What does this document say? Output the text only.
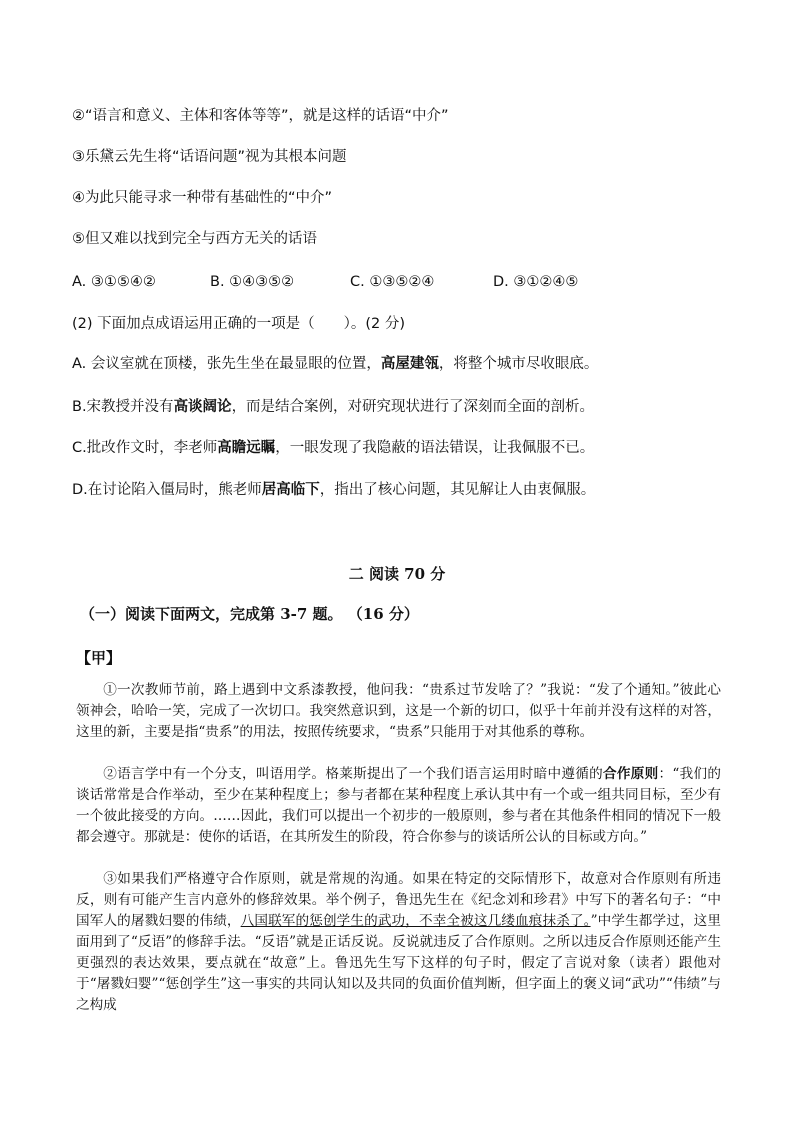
②“语言和意义、主体和客体等等”，就是这样的话语“中介”
③乐黛云先生将“话语问题”视为其根本问题
④为此只能寻求一种带有基础性的“中介”
⑤但又难以找到完全与西方无关的话语
A. ③①⑤④②	B. ①④③⑤②	C. ①③⑤②④	D. ③①②④⑤
(2) 下面加点成语运用正确的一项是（　　）。(2 分)
A. 会议室就在顶楼，张先生坐在最显眼的位置，高屋建瓴，将整个城市尽收眼底。
B.宋教授并没有高谈阔论，而是结合案例，对研究现状进行了深刻而全面的剖析。
C.批改作文时，李老师高瞻远瞩，一眼发现了我隐蔽的语法错误，让我佩服不已。
D.在讨论陷入僵局时，熊老师居高临下，指出了核心问题，其见解让人由衷佩服。
二 阅读 70 分
（一）阅读下面两文，完成第 3-7 题。 （16 分）
【甲】

①一次教师节前，路上遇到中文系漆教授，他问我：“贵系过节发啥了？”我说：“发了个通知。”彼此心领神会，哈哈一笑，完成了一次切口。我突然意识到，这是一个新的切口，似乎十年前并没有这样的对答，这里的新，主要是指“贵系”的用法，按照传统要求，“贵系”只能用于对其他系的尊称。

②语言学中有一个分支，叫语用学。格莱斯提出了一个我们语言运用时暗中遵循的合作原则：“我们的谈话常常是合作举动，至少在某种程度上；参与者都在某种程度上承认其中有一个或一组共同目标，至少有一个彼此接受的方向。……因此，我们可以提出一个初步的一般原则，参与者在其他条件相同的情况下一般都会遵守。那就是：使你的话语，在其所发生的阶段，符合你参与的谈话所公认的目标或方向。”

③如果我们严格遵守合作原则，就是常规的沟通。如果在特定的交际情形下，故意对合作原则有所违反，则有可能产生言内意外的修辞效果。举个例子，鲁迅先生在《纪念刘和珍君》中写下的著名句子：“中国军人的屠戮妇婴的伟绩，八国联军的惩创学生的武功，不幸全被这几缕血痕抹杀了。”中学生都学过，这里面用到了“反语”的修辞手法。“反语”就是正话反说。反说就违反了合作原则。之所以违反合作原则还能产生更强烈的表达效果，要点就在“故意”上。鲁迅先生写下这样的句子时，假定了言说对象（读者）跟他对于“屠戮妇婴”“惩创学生”这一事实的共同认知以及共同的负面价值判断，但字面上的褒义词“武功”“伟绩”与之构成
